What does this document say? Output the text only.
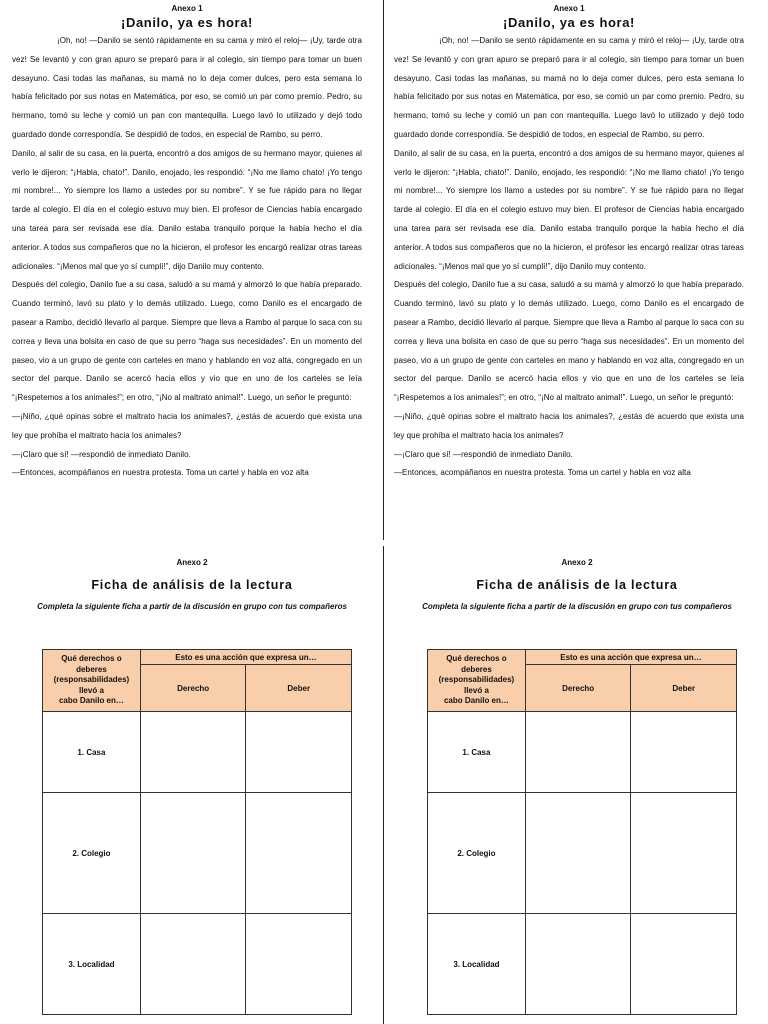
Anexo 1

¡Danilo, ya es hora!

¡Oh, no! —Danilo se sentó rápidamente en su cama y miró el reloj— ¡Uy, tarde otra vez! Se levantó y con gran apuro se preparó para ir al colegio, sin tiempo para tomar un buen desayuno. Casi todas las mañanas, su mamá no lo deja comer dulces, pero esta semana lo había felicitado por sus notas en Matemática, por eso, se comió un par como premio. Pedro, su hermano, tomó su leche y comió un pan con mantequilla. Luego lavó lo utilizado y dejó todo guardado donde correspondía. Se despidió de todos, en especial de Rambo, su perro.

Danilo, al salir de su casa, en la puerta, encontró a dos amigos de su hermano mayor, quienes al verlo le dijeron: “¡Habla, chato!”. Danilo, enojado, les respondió: “¡No me llamo chato! ¡Yo tengo mi nombre!... Yo siempre los llamo a ustedes por su nombre”. Y se fue rápido para no llegar tarde al colegio. El día en el colegio estuvo muy bien. El profesor de Ciencias había encargado una tarea para ser revisada ese día. Danilo estaba tranquilo porque la había hecho el día anterior. A todos sus compañeros que no la hicieron, el profesor les encargó realizar otras tareas adicionales. “¡Menos mal que yo sí cumplí!”, dijo Danilo muy contento.

Después del colegio, Danilo fue a su casa, saludó a su mamá y almorzó lo que había preparado. Cuando terminó, lavó su plato y lo demás utilizado. Luego, como Danilo es el encargado de pasear a Rambo, decidió llevarlo al parque. Siempre que lleva a Rambo al parque lo saca con su correa y lleva una bolsita en caso de que su perro “haga sus necesidades”. En un momento del paseo, vio a un grupo de gente con carteles en mano y hablando en voz alta, congregado en un sector del parque. Danilo se acercó hacia ellos y vio que en uno de los carteles se leía “¡Respetemos a los animales!”; en otro, “¡No al maltrato animal!”. Luego, un señor le preguntó:

—¡Niño, ¿qué opinas sobre el maltrato hacia los animales?, ¿estás de acuerdo que exista una ley que prohíba el maltrato hacia los animales?

—¡Claro que sí! —respondió de inmediato Danilo.

—Entonces, acompáñanos en nuestra protesta. Toma un cartel y habla en voz alta

Anexo 1

¡Danilo, ya es hora!

¡Oh, no! —Danilo se sentó rápidamente en su cama y miró el reloj— ¡Uy, tarde otra vez! Se levantó y con gran apuro se preparó para ir al colegio, sin tiempo para tomar un buen desayuno. Casi todas las mañanas, su mamá no lo deja comer dulces, pero esta semana lo había felicitado por sus notas en Matemática, por eso, se comió un par como premio. Pedro, su hermano, tomó su leche y comió un pan con mantequilla. Luego lavó lo utilizado y dejó todo guardado donde correspondía. Se despidió de todos, en especial de Rambo, su perro.

Danilo, al salir de su casa, en la puerta, encontró a dos amigos de su hermano mayor, quienes al verlo le dijeron: “¡Habla, chato!”. Danilo, enojado, les respondió: “¡No me llamo chato! ¡Yo tengo mi nombre!... Yo siempre los llamo a ustedes por su nombre”. Y se fue rápido para no llegar tarde al colegio. El día en el colegio estuvo muy bien. El profesor de Ciencias había encargado una tarea para ser revisada ese día. Danilo estaba tranquilo porque la había hecho el día anterior. A todos sus compañeros que no la hicieron, el profesor les encargó realizar otras tareas adicionales. “¡Menos mal que yo sí cumplí!”, dijo Danilo muy contento.

Después del colegio, Danilo fue a su casa, saludó a su mamá y almorzó lo que había preparado. Cuando terminó, lavó su plato y lo demás utilizado. Luego, como Danilo es el encargado de pasear a Rambo, decidió llevarlo al parque. Siempre que lleva a Rambo al parque lo saca con su correa y lleva una bolsita en caso de que su perro “haga sus necesidades”. En un momento del paseo, vio a un grupo de gente con carteles en mano y hablando en voz alta, congregado en un sector del parque. Danilo se acercó hacia ellos y vio que en uno de los carteles se leía “¡Respetemos a los animales!”; en otro, “¡No al maltrato animal!”. Luego, un señor le preguntó:

—¡Niño, ¿qué opinas sobre el maltrato hacia los animales?, ¿estás de acuerdo que exista una ley que prohíba el maltrato hacia los animales?

—¡Claro que sí! —respondió de inmediato Danilo.

—Entonces, acompáñanos en nuestra protesta. Toma un cartel y habla en voz alta

Anexo 2

Ficha de análisis de la lectura

Completa la siguiente ficha a partir de la discusión en grupo con tus compañeros

Qué derechos o
deberes
(responsabilidades)
llevó a
cabo Danilo en…	Esto es una acción que expresa un…	
	Derecho	Deber
1. Casa		
2. Colegio		
3. Localidad		

Anexo 2

Ficha de análisis de la lectura

Completa la siguiente ficha a partir de la discusión en grupo con tus compañeros

Qué derechos o
deberes
(responsabilidades)
llevó a
cabo Danilo en…	Esto es una acción que expresa un…	
	Derecho	Deber
1. Casa		
2. Colegio		
3. Localidad		
